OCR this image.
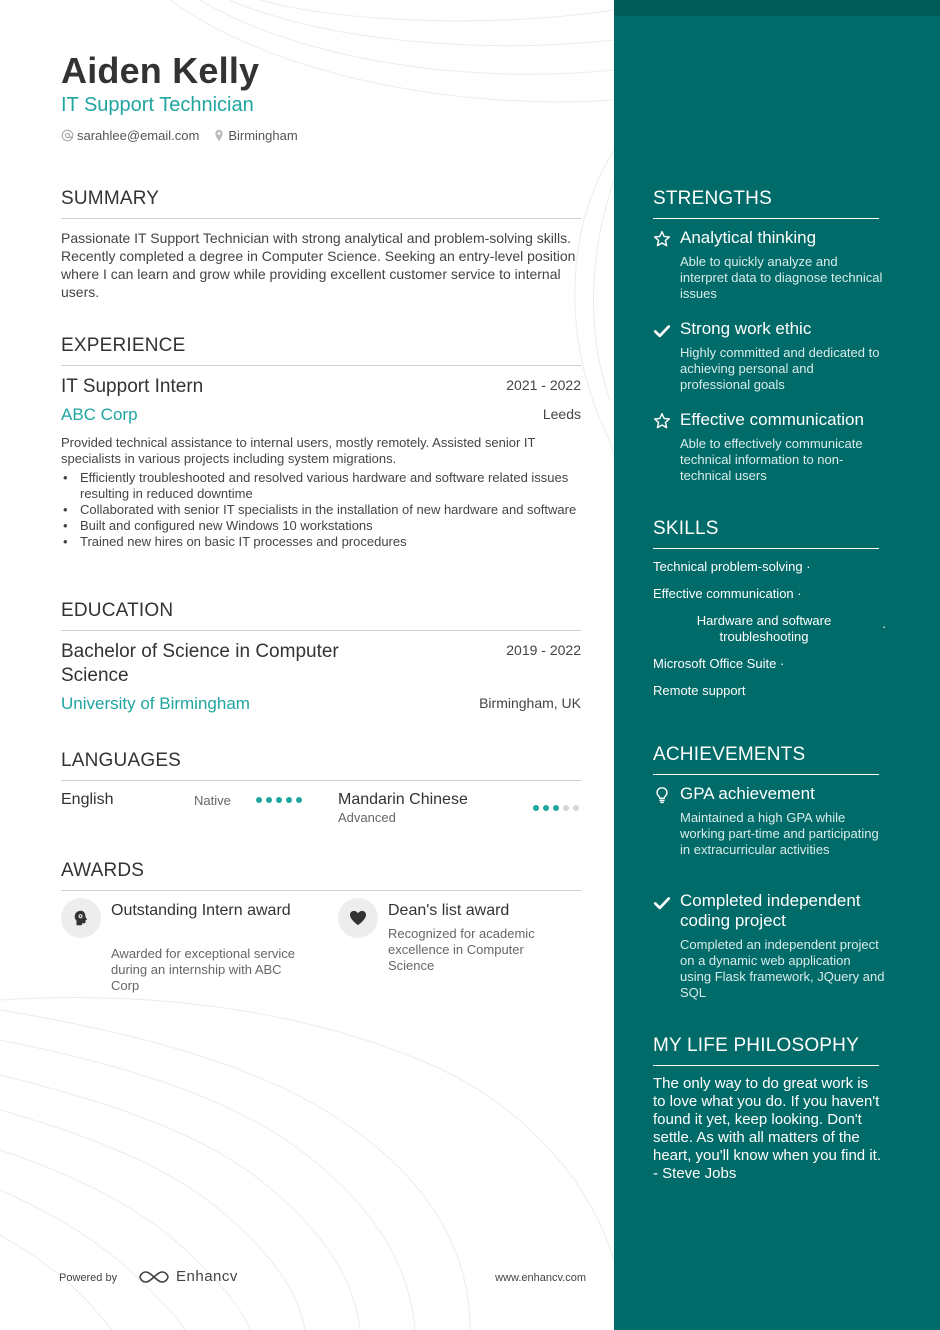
Aiden Kelly
IT Support Technician
sarahlee@email.com Birmingham
SUMMARY
Passionate IT Support Technician with strong analytical and problem-solving skills. Recently completed a degree in Computer Science. Seeking an entry-level position where I can learn and grow while providing excellent customer service to internal users.
EXPERIENCE
IT Support Intern	2021 - 2022
ABC Corp	Leeds
Provided technical assistance to internal users, mostly remotely. Assisted senior IT specialists in various projects including system migrations.
• Efficiently troubleshooted and resolved various hardware and software related issues resulting in reduced downtime
• Collaborated with senior IT specialists in the installation of new hardware and software
• Built and configured new Windows 10 workstations
• Trained new hires on basic IT processes and procedures
EDUCATION
Bachelor of Science in Computer Science
2019 - 2022
University of Birmingham	Birmingham, UK
LANGUAGES
English	Native	Mandarin Chinese
Advanced
AWARDS
Outstanding Intern award
Awarded for exceptional service during an internship with ABC Corp
Dean's list award
Recognized for academic excellence in Computer Science
Powered by	Enhancv	www.enhancv.com
STRENGTHS
Analytical thinking
Able to quickly analyze and interpret data to diagnose technical issues
Strong work ethic
Highly committed and dedicated to achieving personal and professional goals
Effective communication
Able to effectively communicate technical information to non-technical users
SKILLS
Technical problem-solving ·
Effective communication ·
Hardware and software troubleshooting
·
Microsoft Office Suite ·
Remote support
ACHIEVEMENTS
GPA achievement
Maintained a high GPA while working part-time and participating in extracurricular activities
Completed independent coding project
Completed an independent project on a dynamic web application using Flask framework, JQuery and SQL
MY LIFE PHILOSOPHY
The only way to do great work is to love what you do. If you haven't found it yet, keep looking. Don't settle. As with all matters of the heart, you'll know when you find it. - Steve Jobs
